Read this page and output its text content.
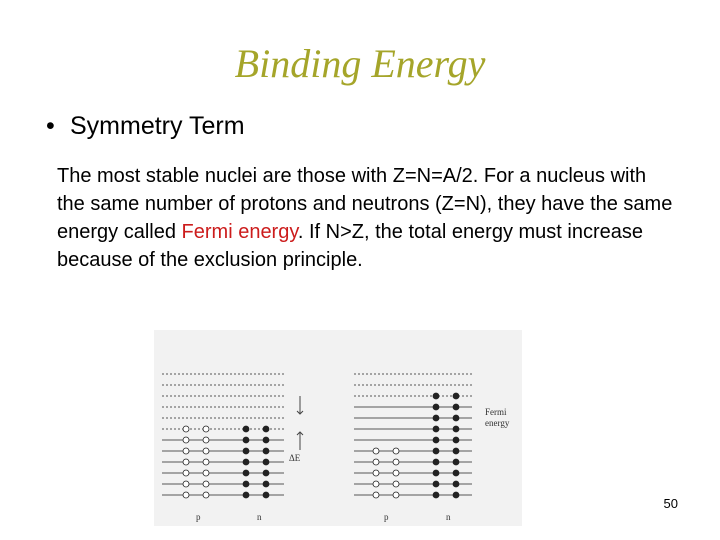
Binding Energy
• Symmetry Term
The most stable nuclei are those with Z=N=A/2. For a nucleus with the same number of protons and neutrons (Z=N), they have the same energy called Fermi energy. If N>Z, the total energy must increase because of the exclusion principle.
ΔE
Fermi
energy
p	n	p	n
50
